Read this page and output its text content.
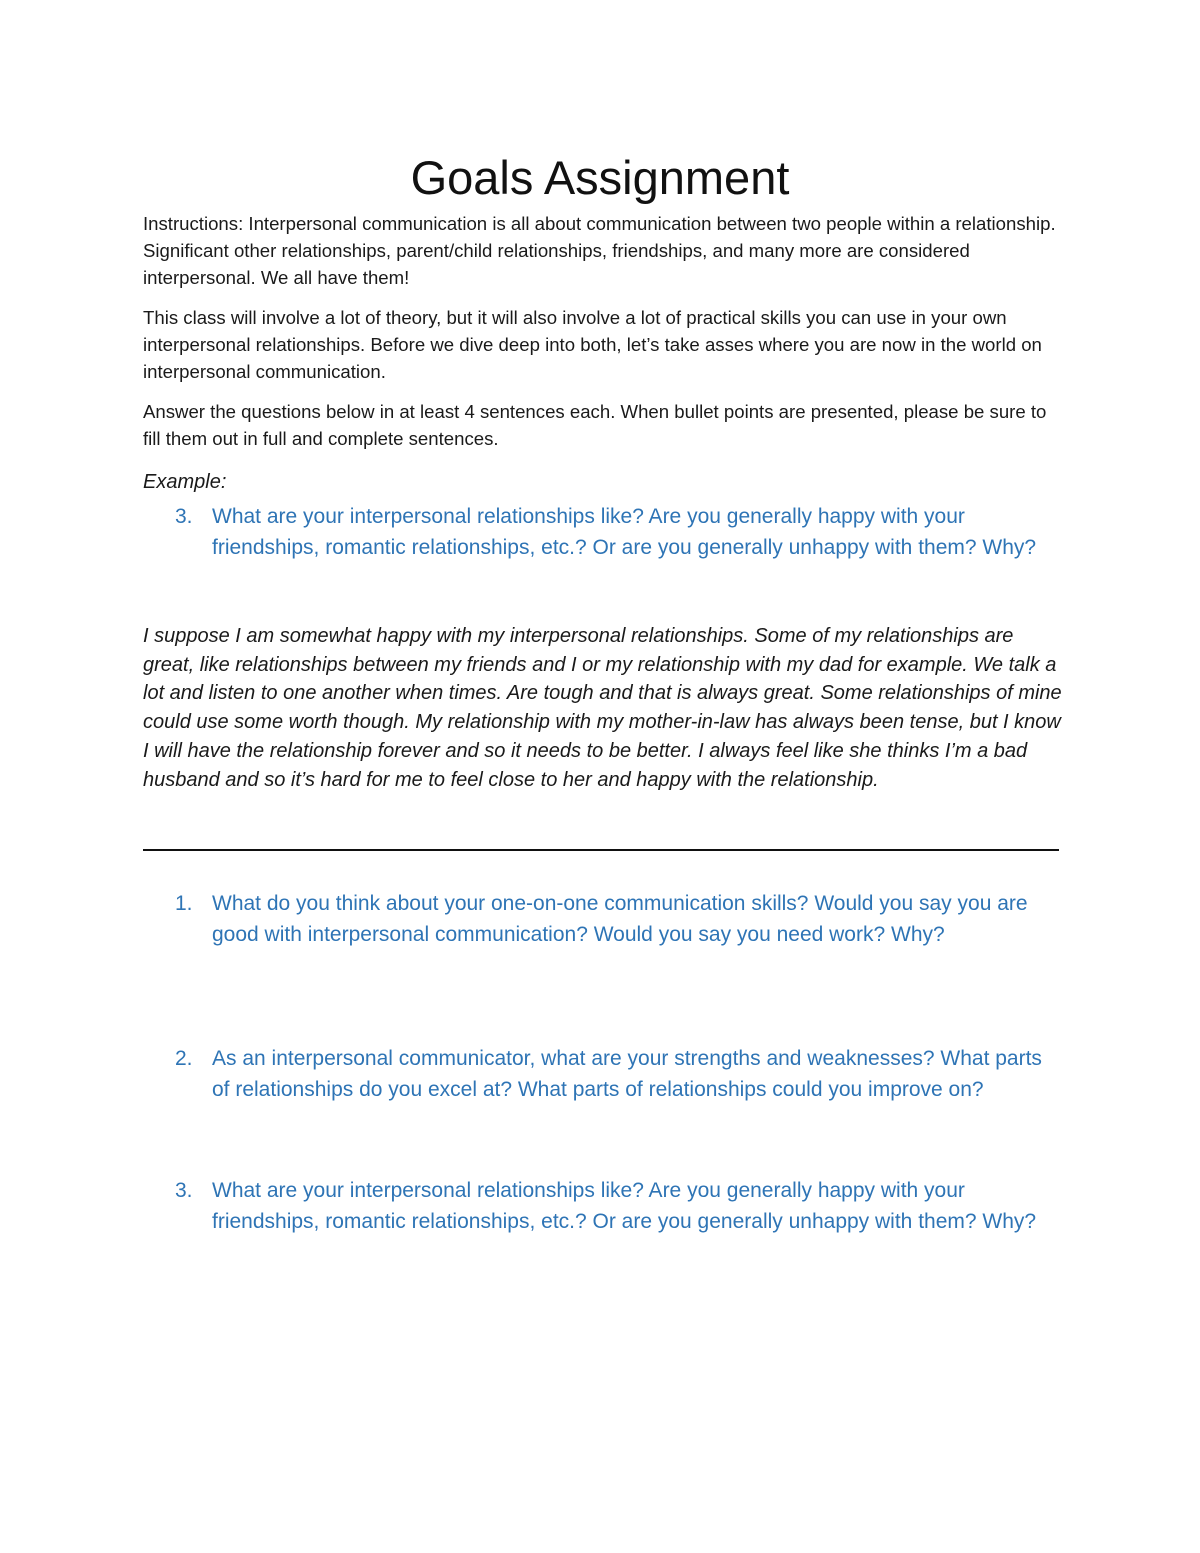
Goals Assignment

Instructions: Interpersonal communication is all about communication between two people within a relationship. Significant other relationships, parent/child relationships, friendships, and many more are considered interpersonal. We all have them!

This class will involve a lot of theory, but it will also involve a lot of practical skills you can use in your own interpersonal relationships. Before we dive deep into both, let’s take asses where you are now in the world on interpersonal communication.

Answer the questions below in at least 4 sentences each. When bullet points are presented, please be sure to fill them out in full and complete sentences.

Example:
3. What are your interpersonal relationships like? Are you generally happy with your friendships, romantic relationships, etc.? Or are you generally unhappy with them? Why?

I suppose I am somewhat happy with my interpersonal relationships. Some of my relationships are great, like relationships between my friends and I or my relationship with my dad for example. We talk a lot and listen to one another when times. Are tough and that is always great. Some relationships of mine could use some worth though. My relationship with my mother-in-law has always been tense, but I know I will have the relationship forever and so it needs to be better. I always feel like she thinks I’m a bad husband and so it’s hard for me to feel close to her and happy with the relationship.

1. What do you think about your one-on-one communication skills? Would you say you are good with interpersonal communication? Would you say you need work? Why?
2. As an interpersonal communicator, what are your strengths and weaknesses? What parts of relationships do you excel at? What parts of relationships could you improve on?
3. What are your interpersonal relationships like? Are you generally happy with your friendships, romantic relationships, etc.? Or are you generally unhappy with them? Why?
